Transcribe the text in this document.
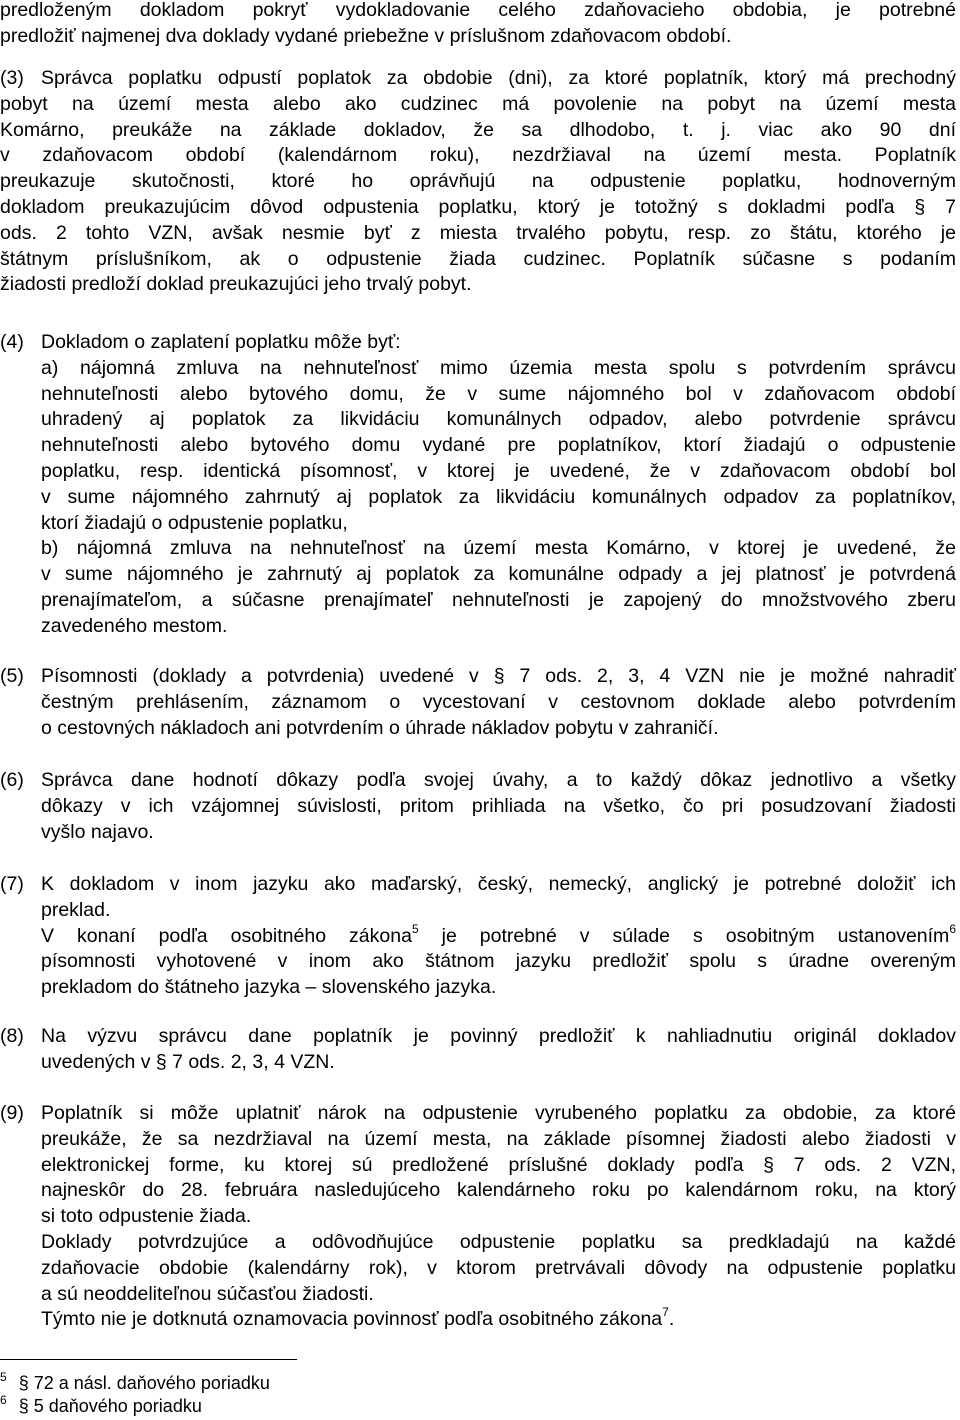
predloženým dokladom pokryť vydokladovanie celého zdaňovacieho obdobia, je potrebné
predložiť najmenej dva doklady vydané priebežne v príslušnom zdaňovacom období.
(3) Správca poplatku odpustí poplatok za obdobie (dni), za ktoré poplatník, ktorý má prechodný
pobyt na území mesta alebo ako cudzinec má povolenie na pobyt na území mesta
Komárno, preukáže na základe dokladov, že sa dlhodobo, t. j. viac ako 90 dní
v zdaňovacom období (kalendárnom roku), nezdržiaval na území mesta. Poplatník
preukazuje skutočnosti, ktoré ho oprávňujú na odpustenie poplatku, hodnoverným
dokladom preukazujúcim dôvod odpustenia poplatku, ktorý je totožný s dokladmi podľa § 7
ods. 2 tohto VZN, avšak nesmie byť z miesta trvalého pobytu, resp. zo štátu, ktorého je
štátnym príslušníkom, ak o odpustenie žiada cudzinec. Poplatník súčasne s podaním
žiadosti predloží doklad preukazujúci jeho trvalý pobyt.
(4) Dokladom o zaplatení poplatku môže byť:
a) nájomná zmluva na nehnuteľnosť mimo územia mesta spolu s potvrdením správcu
nehnuteľnosti alebo bytového domu, že v sume nájomného bol v zdaňovacom období
uhradený aj poplatok za likvidáciu komunálnych odpadov, alebo potvrdenie správcu
nehnuteľnosti alebo bytového domu vydané pre poplatníkov, ktorí žiadajú o odpustenie
poplatku, resp. identická písomnosť, v ktorej je uvedené, že v zdaňovacom období bol
v sume nájomného zahrnutý aj poplatok za likvidáciu komunálnych odpadov za poplatníkov,
ktorí žiadajú o odpustenie poplatku,
b) nájomná zmluva na nehnuteľnosť na území mesta Komárno, v ktorej je uvedené, že
v sume nájomného je zahrnutý aj poplatok za komunálne odpady a jej platnosť je potvrdená
prenajímateľom, a súčasne prenajímateľ nehnuteľnosti je zapojený do množstvového zberu
zavedeného mestom.
(5) Písomnosti (doklady a potvrdenia) uvedené v § 7 ods. 2, 3, 4 VZN nie je možné nahradiť
čestným prehlásením, záznamom o vycestovaní v cestovnom doklade alebo potvrdením
o cestovných nákladoch ani potvrdením o úhrade nákladov pobytu v zahraničí.
(6) Správca dane hodnotí dôkazy podľa svojej úvahy, a to každý dôkaz jednotlivo a všetky
dôkazy v ich vzájomnej súvislosti, pritom prihliada na všetko, čo pri posudzovaní žiadosti
vyšlo najavo.
(7) K dokladom v inom jazyku ako maďarský, český, nemecký, anglický je potrebné doložiť ich
preklad.
V konaní podľa osobitného zákona$^5$ je potrebné v súlade s osobitným ustanovením$^6$
písomnosti vyhotovené v inom ako štátnom jazyku predložiť spolu s úradne overeným
prekladom do štátneho jazyka – slovenského jazyka.
(8) Na výzvu správcu dane poplatník je povinný predložiť k nahliadnutiu originál dokladov
uvedených v § 7 ods. 2, 3, 4 VZN.
(9) Poplatník si môže uplatniť nárok na odpustenie vyrubeného poplatku za obdobie, za ktoré
preukáže, že sa nezdržiaval na území mesta, na základe písomnej žiadosti alebo žiadosti v
elektronickej forme, ku ktorej sú predložené príslušné doklady podľa § 7 ods. 2 VZN,
najneskôr do 28. februára nasledujúceho kalendárneho roku po kalendárnom roku, na ktorý
si toto odpustenie žiada.
Doklady potvrdzujúce a odôvodňujúce odpustenie poplatku sa predkladajú na každé
zdaňovacie obdobie (kalendárny rok), v ktorom pretrvávali dôvody na odpustenie poplatku
a sú neoddeliteľnou súčasťou žiadosti.
Týmto nie je dotknutá oznamovacia povinnosť podľa osobitného zákona$^7$.
$^5$ § 72 a násl. daňového poriadku
$^6$ § 5 daňového poriadku
